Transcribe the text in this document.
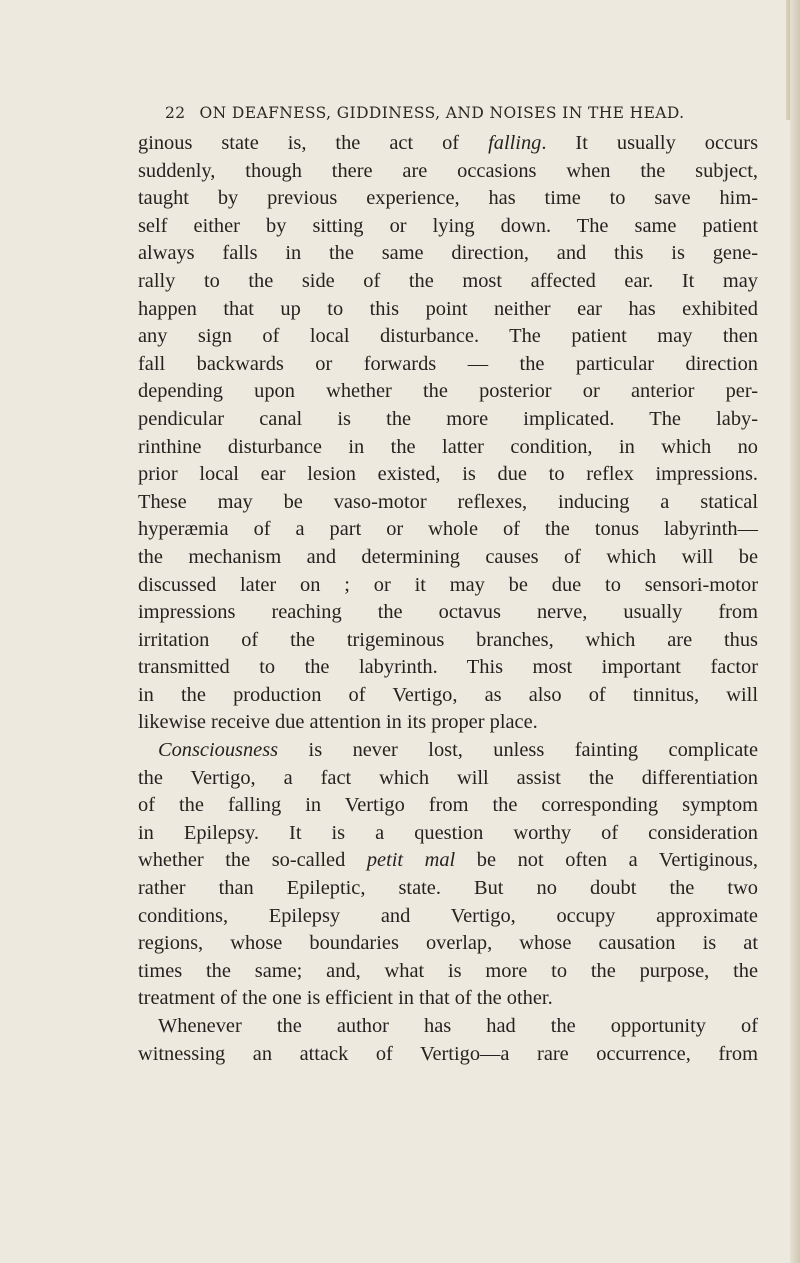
22 ON DEAFNESS, GIDDINESS, AND NOISES IN THE HEAD.
ginous state is, the act of falling. It usually occurs
suddenly, though there are occasions when the subject,
taught by previous experience, has time to save him-
self either by sitting or lying down. The same patient
always falls in the same direction, and this is gene-
rally to the side of the most affected ear. It may
happen that up to this point neither ear has exhibited
any sign of local disturbance. The patient may then
fall backwards or forwards — the particular direction
depending upon whether the posterior or anterior per-
pendicular canal is the more implicated. The laby-
rinthine disturbance in the latter condition, in which no
prior local ear lesion existed, is due to reflex impressions.
These may be vaso-motor reflexes, inducing a statical
hyperæmia of a part or whole of the tonus labyrinth—
the mechanism and determining causes of which will be
discussed later on ; or it may be due to sensori-motor
impressions reaching the octavus nerve, usually from
irritation of the trigeminous branches, which are thus
transmitted to the labyrinth. This most important factor
in the production of Vertigo, as also of tinnitus, will
likewise receive due attention in its proper place.
Consciousness is never lost, unless fainting complicate
the Vertigo, a fact which will assist the differentiation
of the falling in Vertigo from the corresponding symptom
in Epilepsy. It is a question worthy of consideration
whether the so-called petit mal be not often a Vertiginous,
rather than Epileptic, state. But no doubt the two
conditions, Epilepsy and Vertigo, occupy approximate
regions, whose boundaries overlap, whose causation is at
times the same; and, what is more to the purpose, the
treatment of the one is efficient in that of the other.
Whenever the author has had the opportunity of
witnessing an attack of Vertigo—a rare occurrence, from
